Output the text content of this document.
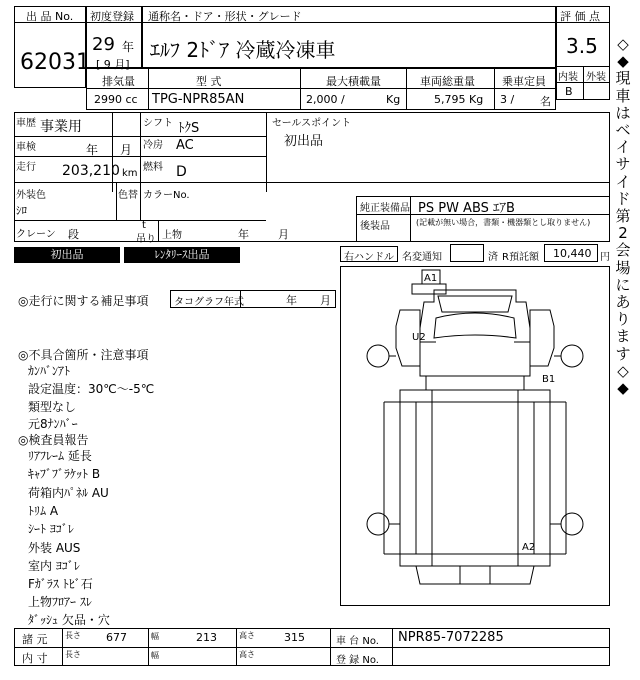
出 品 No.
62031
初度登録
29 年
[ 9 月]
通称名・ドア・形状・グレード
ｴﾙﾌ 2ﾄﾞｱ 冷蔵冷凍車
評 価 点
3.5
内装 外装
B
排気量	型 式	最大積載量	車両総重量 乗車定員
2990 cc TPG-NPR85AN	2,000 /	Kg	5,795 Kg 3 / 名
車歴 事業用	シフト ﾄｸS
車検	年 月 冷房 AC
走行 203,210 km
燃料 D
外装色
ｼﾛ
色替 カラーNo.
クレーン 段
t
吊り 上物	年	月
セールスポイント
初出品
純正装備品 PS PW ABS ｴｱB
後装品	(記載が無い場合，書類・機器類とし取りません)
初出品	ﾚﾝﾀﾘｰｽ出品	右ハンドル 名変通知	済 R預託額 10,440 円
◎走行に関する補足事項	タコグラフ年式	年 月
◎不具合箇所・注意事項
ｶﾝﾊﾞﾝｱﾄ
設定温度：30℃〜-5℃
類型なし
元8ﾅﾝﾊﾞｰ
◎検査員報告
ﾘｱﾌﾚｰﾑ 延長
ｷｬﾌﾞﾌﾞﾗｹｯﾄ B
荷箱内ﾊﾟﾈﾙ AU
ﾄﾘﾑ A
ｼｰﾄ ﾖｺﾞﾚ
外装 AUS
室内 ﾖｺﾞﾚ
Fｶﾞﾗｽ ﾄﾋﾞ石
上物ﾌﾛｱｰ ｽﾚ
ﾀﾞｯｼｭ 欠品・穴
A1
U2
B1
A2
◇◆現車はベイサイド第2会場にあります◇◆
諸 元 長さ 677	幅	213	高さ	315	車 台 No. NPR85-7072285
内 寸 長さ	幅	高さ
登 録 No.
